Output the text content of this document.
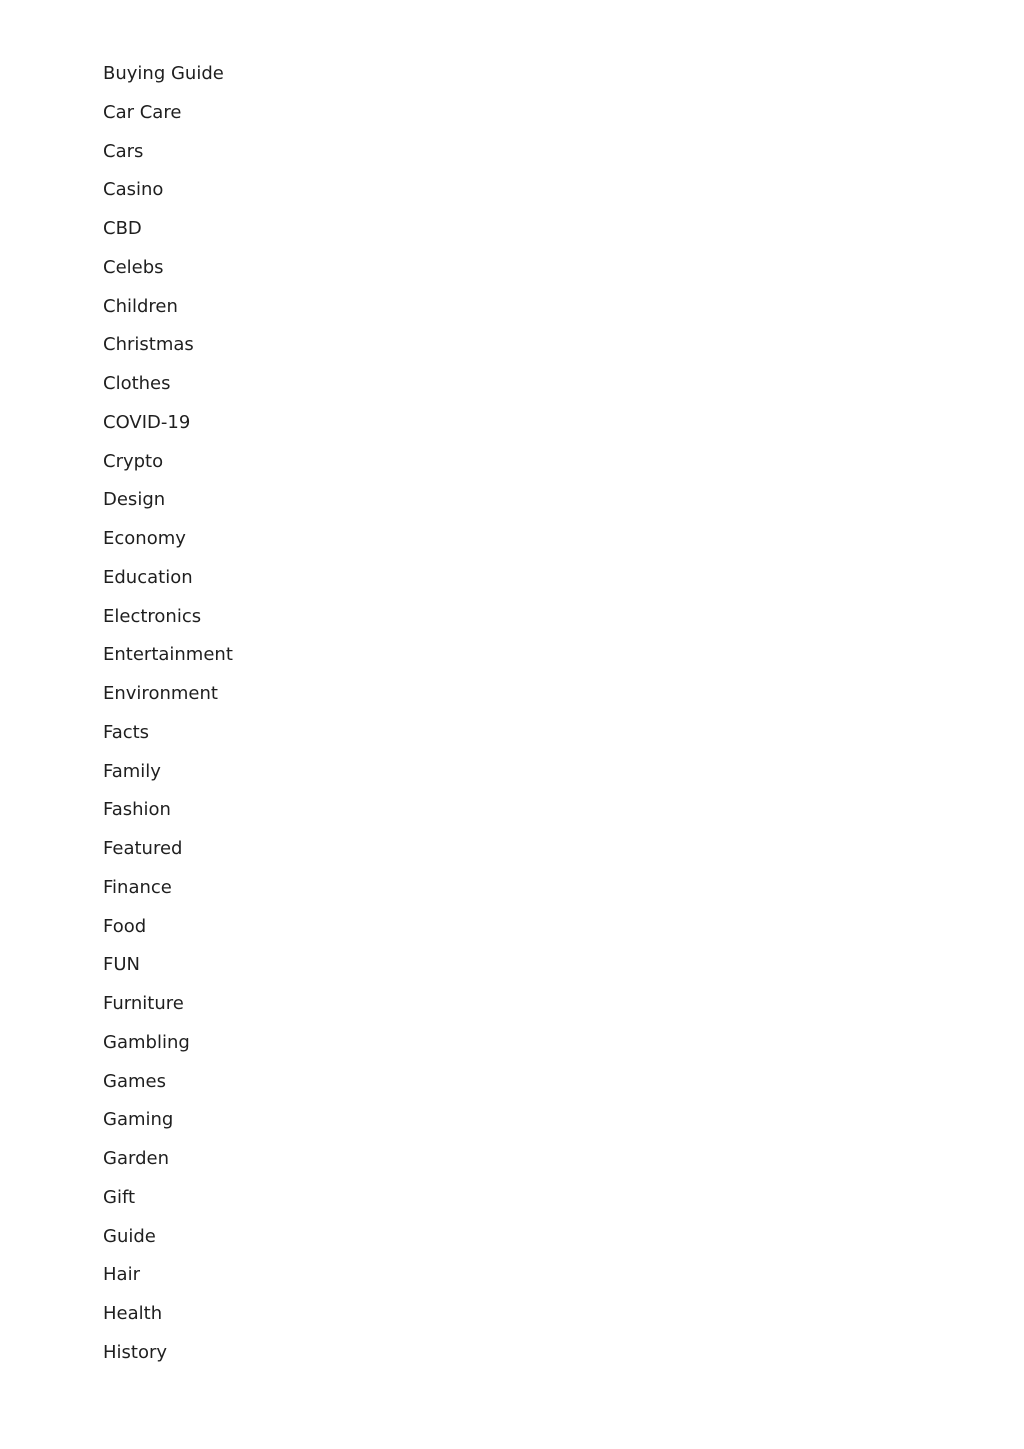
Buying Guide
Car Care
Cars
Casino
CBD
Celebs
Children
Christmas
Clothes
COVID-19
Crypto
Design
Economy
Education
Electronics
Entertainment
Environment
Facts
Family
Fashion
Featured
Finance
Food
FUN
Furniture
Gambling
Games
Gaming
Garden
Gift
Guide
Hair
Health
History
